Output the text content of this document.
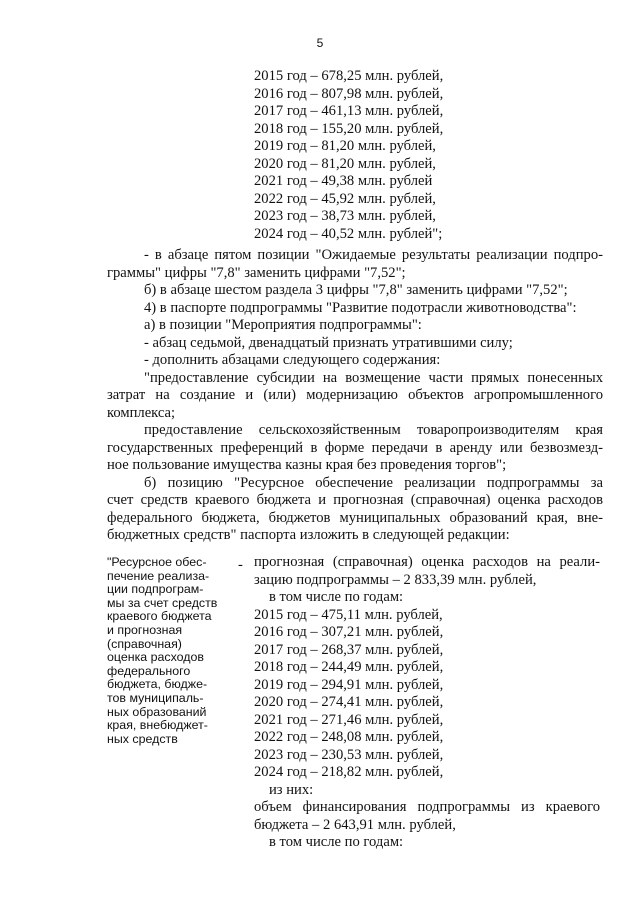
5
2015 год – 678,25 млн. рублей,
2016 год – 807,98 млн. рублей,
2017 год – 461,13 млн. рублей,
2018 год – 155,20 млн. рублей,
2019 год – 81,20 млн. рублей,
2020 год – 81,20 млн. рублей,
2021 год – 49,38 млн. рублей
2022 год – 45,92 млн. рублей,
2023 год – 38,73 млн. рублей,
2024 год – 40,52 млн. рублей";
- в абзаце пятом позиции "Ожидаемые результаты реализации подпро-
граммы" цифры "7,8" заменить цифрами "7,52";
б) в абзаце шестом раздела 3 цифры "7,8" заменить цифрами "7,52";
4) в паспорте подпрограммы "Развитие подотрасли животноводства":
а) в позиции "Мероприятия подпрограммы":
- абзац седьмой, двенадцатый признать утратившими силу;
- дополнить абзацами следующего содержания:
"предоставление субсидии на возмещение части прямых понесенных
затрат на создание и (или) модернизацию объектов агропромышленного
комплекса;
предоставление сельскохозяйственным товаропроизводителям края
государственных преференций в форме передачи в аренду или безвозмезд-
ное пользование имущества казны края без проведения торгов";
б) позицию "Ресурсное обеспечение реализации подпрограммы за
счет средств краевого бюджета и прогнозная (справочная) оценка расходов
федерального бюджета, бюджетов муниципальных образований края, вне-
бюджетных средств" паспорта изложить в следующей редакции:
"Ресурсное обес-
печение реализа-
ции подпрограм-
мы за счет средств
краевого бюджета
и прогнозная
(справочная)
оценка расходов
федерального
бюджета, бюдже-
тов муниципаль-
ных образований
края, внебюджет-
ных средств
- прогнозная (справочная) оценка расходов на реали-
зацию подпрограммы – 2 833,39 млн. рублей,
в том числе по годам:
2015 год – 475,11 млн. рублей,
2016 год – 307,21 млн. рублей,
2017 год – 268,37 млн. рублей,
2018 год – 244,49 млн. рублей,
2019 год – 294,91 млн. рублей,
2020 год – 274,41 млн. рублей,
2021 год – 271,46 млн. рублей,
2022 год – 248,08 млн. рублей,
2023 год – 230,53 млн. рублей,
2024 год – 218,82 млн. рублей,
из них:
объем финансирования подпрограммы из краевого
бюджета – 2 643,91 млн. рублей,
в том числе по годам:
